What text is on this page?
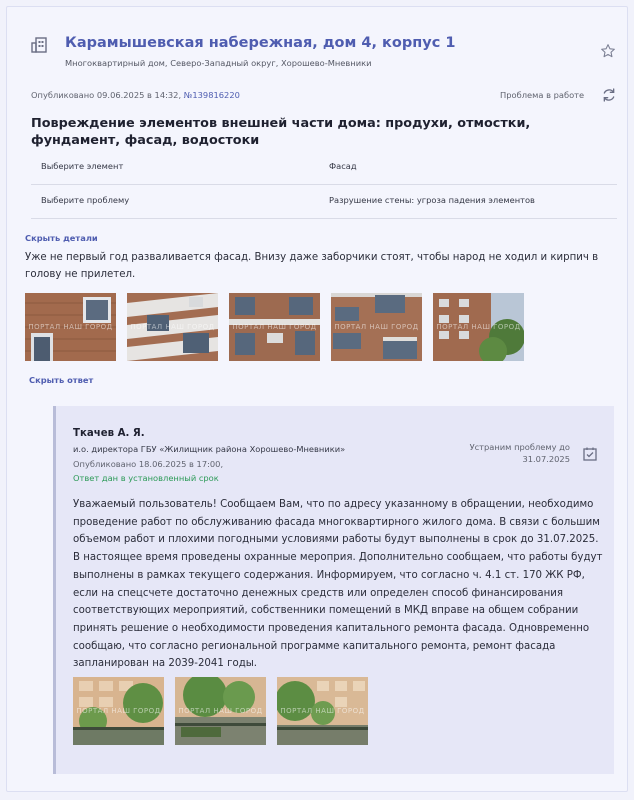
Карамышевская набережная, дом 4, корпус 1
Многоквартирный дом, Северо-Западный округ, Хорошево-Мневники
Опубликовано 09.06.2025 в 14:32, №139816220	Проблема в работе
Повреждение элементов внешней части дома: продухи, отмостки, фундамент, фасад, водостоки
Выберите элемент	Фасад
Выберите проблему	Разрушение стены: угроза падения элементов
Скрыть детали
Уже не первый год разваливается фасад. Внизу даже заборчики стоят, чтобы народ не ходил и кирпич в голову не прилетел.
ПОРТАЛ НАШ ГОРОД	ПОРТАЛ НАШ ГОРОД	ПОРТАЛ НАШ ГОРОД	ПОРТАЛ НАШ ГОРОД	ПОРТАЛ НАШ ГОРОД
Скрыть ответ
Ткачев А. Я.
и.о. директора ГБУ «Жилищник района Хорошево-Мневники»
Опубликовано 18.06.2025 в 17:00,
Ответ дан в установленный срок
Устраним проблему до
31.07.2025
Уважаемый пользователь! Сообщаем Вам, что по адресу указанному в обращении, необходимо проведение работ по обслуживанию фасада многоквартирного жилого дома. В связи с большим объемом работ и плохими погодными условиями работы будут выполнены в срок до 31.07.2025. В настоящее время проведены охранные мероприя. Дополнительно сообщаем, что работы будут выполнены в рамках текущего содержания. Информируем, что согласно ч. 4.1 ст. 170 ЖК РФ, если на спецсчете достаточно денежных средств или определен способ финансирования соответствующих мероприятий, собственники помещений в МКД вправе на общем собрании принять решение о необходимости проведения капитального ремонта фасада. Одновременно сообщаю, что согласно региональной программе капитального ремонта, ремонт фасада запланирован на 2039-2041 годы.
ПОРТАЛ НАШ ГОРОД	ПОРТАЛ НАШ ГОРОД	ПОРТАЛ НАШ ГОРОД
